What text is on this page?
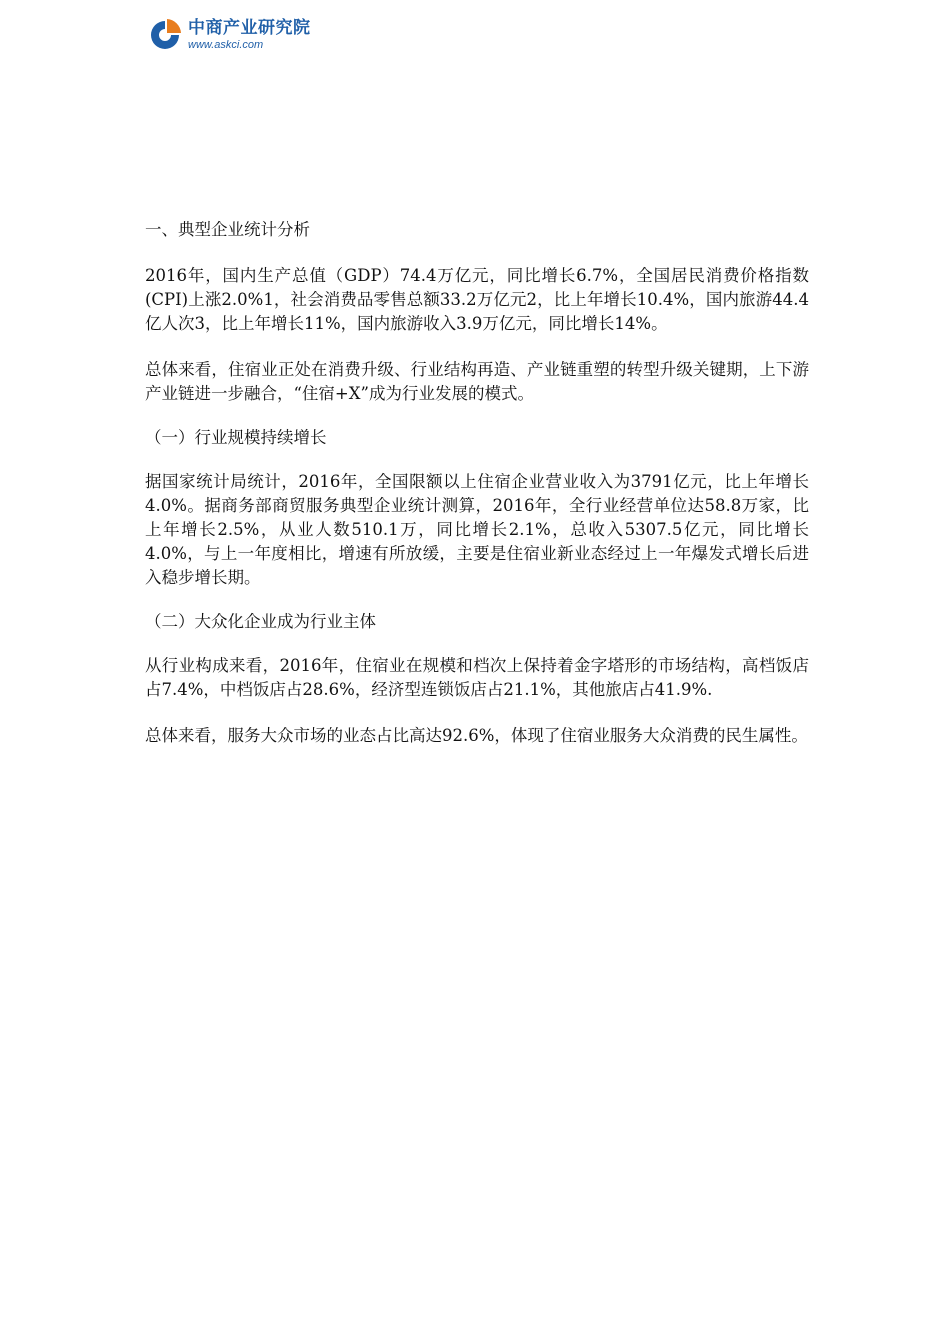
中商产业研究院
www.askci.com

一、典型企业统计分析

2016年，国内生产总值（GDP）74.4万亿元，同比增长6.7%，全国居民消费价格指数(CPI)上涨2.0%1，社会消费品零售总额33.2万亿元2，比上年增长10.4%，国内旅游44.4亿人次3，比上年增长11%，国内旅游收入3.9万亿元，同比增长14%。

总体来看，住宿业正处在消费升级、行业结构再造、产业链重塑的转型升级关键期，上下游产业链进一步融合，“住宿+X”成为行业发展的模式。

（一）行业规模持续增长

据国家统计局统计，2016年，全国限额以上住宿企业营业收入为3791亿元，比上年增长4.0%。据商务部商贸服务典型企业统计测算，2016年，全行业经营单位达58.8万家，比上年增长2.5%，从业人数510.1万，同比增长2.1%，总收入5307.5亿元，同比增长4.0%，与上一年度相比，增速有所放缓，主要是住宿业新业态经过上一年爆发式增长后进入稳步增长期。

（二）大众化企业成为行业主体

从行业构成来看，2016年，住宿业在规模和档次上保持着金字塔形的市场结构，高档饭店占7.4%，中档饭店占28.6%，经济型连锁饭店占21.1%，其他旅店占41.9%.

总体来看，服务大众市场的业态占比高达92.6%，体现了住宿业服务大众消费的民生属性。
